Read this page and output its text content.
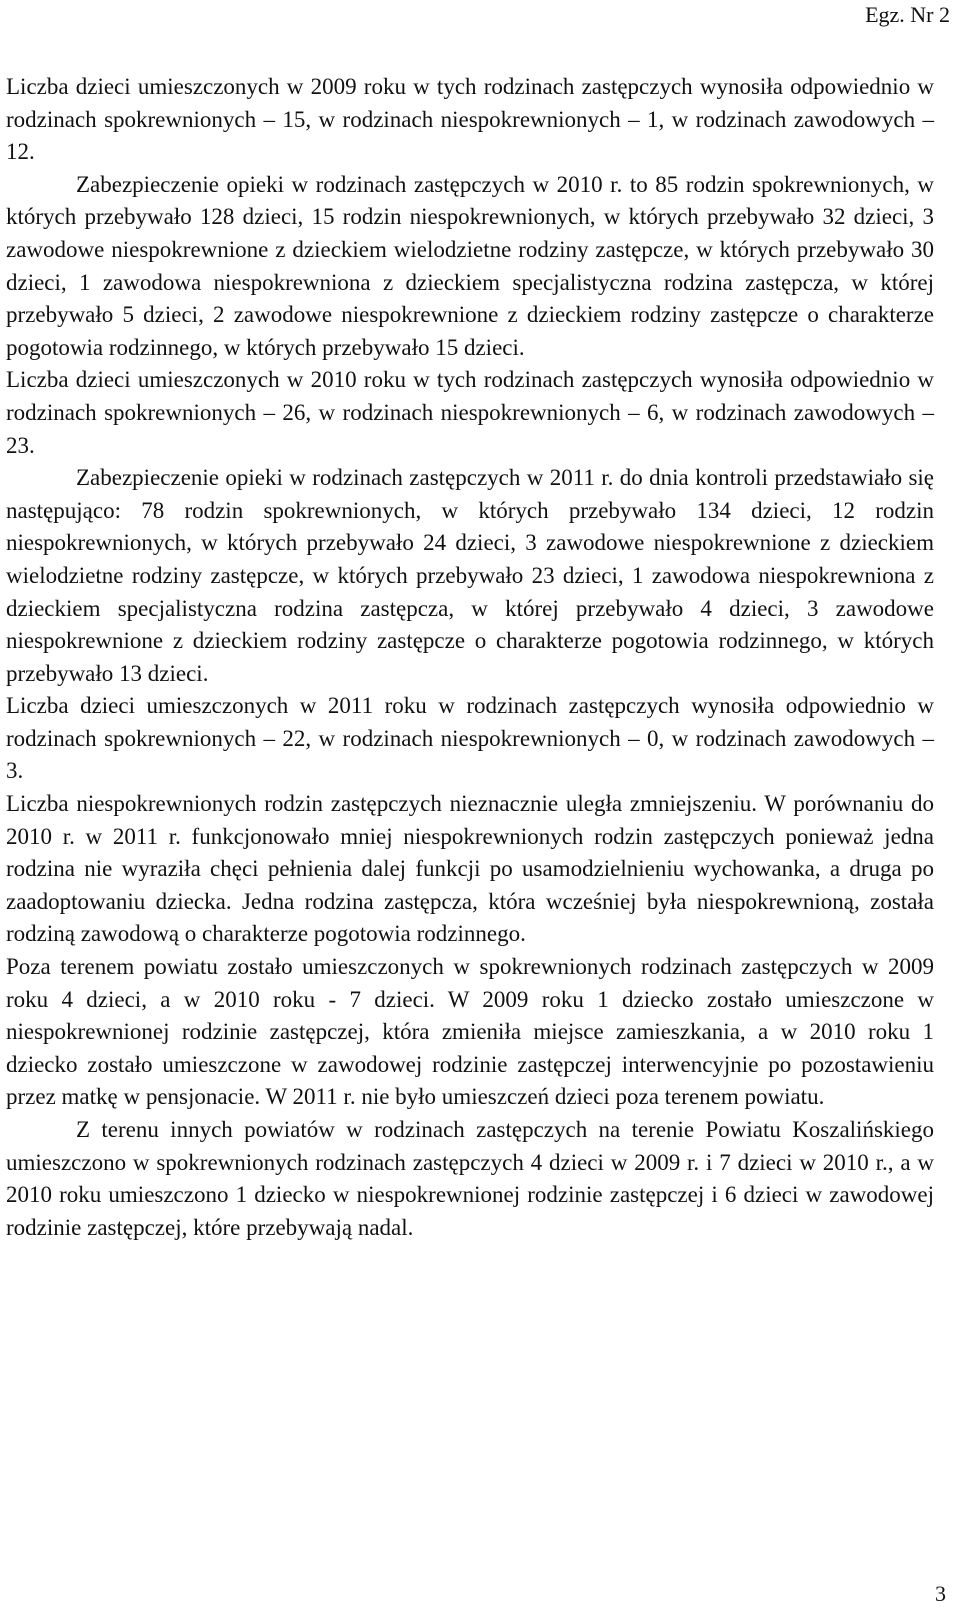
Egz. Nr 2

Liczba dzieci umieszczonych w 2009 roku w tych rodzinach zastępczych wynosiła odpowiednio w rodzinach spokrewnionych – 15, w rodzinach niespokrewnionych – 1, w rodzinach zawodowych – 12.

Zabezpieczenie opieki w rodzinach zastępczych w 2010 r. to 85 rodzin spokrewnionych, w których przebywało 128 dzieci, 15 rodzin niespokrewnionych, w których przebywało 32 dzieci, 3 zawodowe niespokrewnione z dzieckiem wielodzietne rodziny zastępcze, w których przebywało 30 dzieci, 1 zawodowa niespokrewniona z dzieckiem specjalistyczna rodzina zastępcza, w której przebywało 5 dzieci, 2 zawodowe niespokrewnione z dzieckiem rodziny zastępcze o charakterze pogotowia rodzinnego, w których przebywało 15 dzieci.

Liczba dzieci umieszczonych w 2010 roku w tych rodzinach zastępczych wynosiła odpowiednio w rodzinach spokrewnionych – 26, w rodzinach niespokrewnionych – 6, w rodzinach zawodowych – 23.

Zabezpieczenie opieki w rodzinach zastępczych w 2011 r. do dnia kontroli przedstawiało się następująco: 78 rodzin spokrewnionych, w których przebywało 134 dzieci, 12 rodzin niespokrewnionych, w których przebywało 24 dzieci, 3 zawodowe niespokrewnione z dzieckiem wielodzietne rodziny zastępcze, w których przebywało 23 dzieci, 1 zawodowa niespokrewniona z dzieckiem specjalistyczna rodzina zastępcza, w której przebywało 4 dzieci, 3 zawodowe niespokrewnione z dzieckiem rodziny zastępcze o charakterze pogotowia rodzinnego, w których przebywało 13 dzieci.

Liczba dzieci umieszczonych w 2011 roku w rodzinach zastępczych wynosiła odpowiednio w rodzinach spokrewnionych – 22, w rodzinach niespokrewnionych – 0, w rodzinach zawodowych – 3.

Liczba niespokrewnionych rodzin zastępczych nieznacznie uległa zmniejszeniu. W porównaniu do 2010 r. w 2011 r. funkcjonowało mniej niespokrewnionych rodzin zastępczych ponieważ jedna rodzina nie wyraziła chęci pełnienia dalej funkcji po usamodzielnieniu wychowanka, a druga po zaadoptowaniu dziecka. Jedna rodzina zastępcza, która wcześniej była niespokrewnioną, została rodziną zawodową o charakterze pogotowia rodzinnego.

Poza terenem powiatu zostało umieszczonych w spokrewnionych rodzinach zastępczych w 2009 roku 4 dzieci, a w 2010 roku - 7 dzieci. W 2009 roku 1 dziecko zostało umieszczone w niespokrewnionej rodzinie zastępczej, która zmieniła miejsce zamieszkania, a w 2010 roku 1 dziecko zostało umieszczone w zawodowej rodzinie zastępczej interwencyjnie po pozostawieniu przez matkę w pensjonacie. W 2011 r. nie było umieszczeń dzieci poza terenem powiatu.

Z terenu innych powiatów w rodzinach zastępczych na terenie Powiatu Koszalińskiego umieszczono w spokrewnionych rodzinach zastępczych 4 dzieci w 2009 r. i 7 dzieci w 2010 r., a w 2010 roku umieszczono 1 dziecko w niespokrewnionej rodzinie zastępczej i 6 dzieci w zawodowej rodzinie zastępczej, które przebywają nadal.

3
